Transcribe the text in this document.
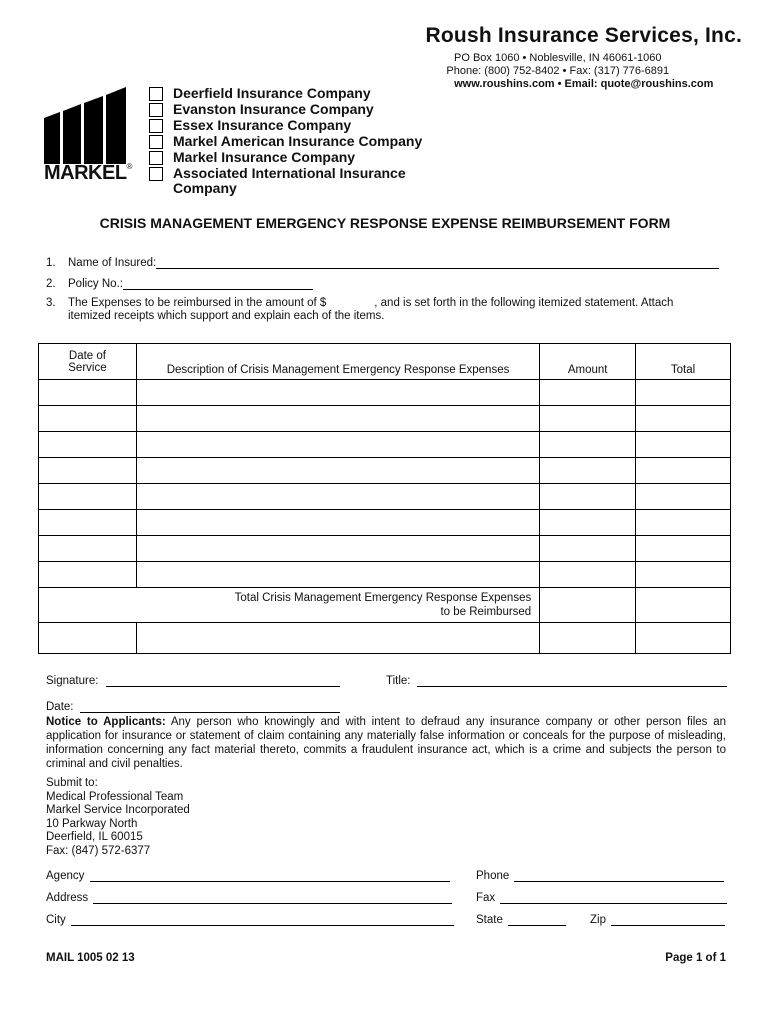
Roush Insurance Services, Inc.
PO Box 1060 • Noblesville, IN 46061-1060
Phone: (800) 752-8402 • Fax: (317) 776-6891
www.roushins.com • Email: quote@roushins.com
MARKEL®
Deerfield Insurance Company
Evanston Insurance Company
Essex Insurance Company
Markel American Insurance Company
Markel Insurance Company
Associated International Insurance Company
CRISIS MANAGEMENT EMERGENCY RESPONSE EXPENSE REIMBURSEMENT FORM
1. Name of Insured:
2. Policy No.:
3. The Expenses to be reimbursed in the amount of $	, and is set forth in the following itemized statement. Attach
itemized receipts which support and explain each of the items.
Date of
Service	Description of Crisis Management Emergency Response Expenses	Amount	Total

Total Crisis Management Emergency Response Expenses
to be Reimbursed			

Signature:	Title:
Date:
Notice to Applicants: Any person who knowingly and with intent to defraud any insurance company or other person files an application for insurance or statement of claim containing any materially false information or conceals for the purpose of misleading, information concerning any fact material thereto, commits a fraudulent insurance act, which is a crime and subjects the person to criminal and civil penalties.
Submit to:
Medical Professional Team
Markel Service Incorporated
10 Parkway North
Deerfield, IL 60015
Fax: (847) 572-6377
Agency	Phone
Address	Fax
City	State	Zip
MAIL 1005 02 13	Page 1 of 1
